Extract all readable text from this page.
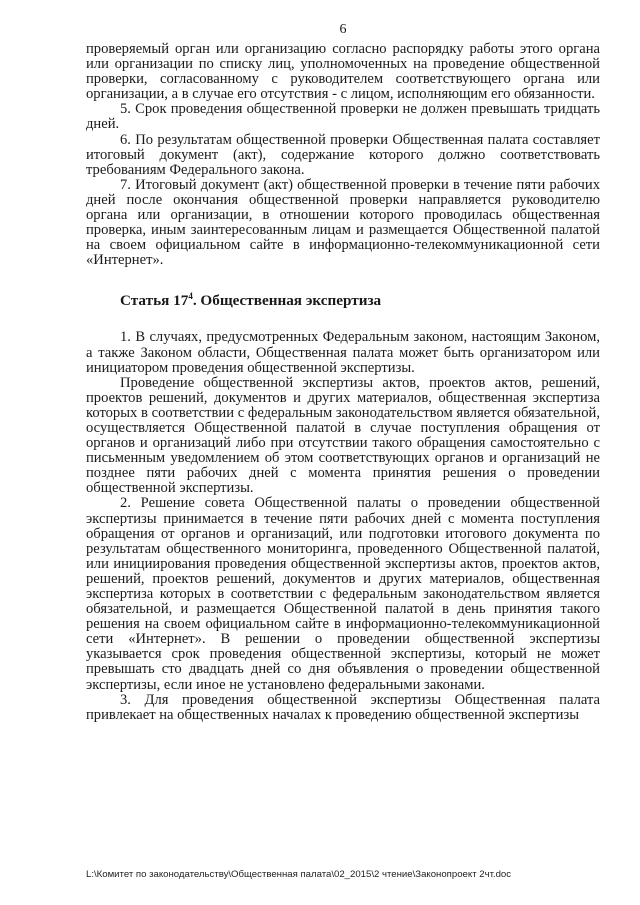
6

проверяемый орган или организацию согласно распорядку работы этого органа или организации по списку лиц, уполномоченных на проведение общественной проверки, согласованному с руководителем соответствующего органа или организации, а в случае его отсутствия - с лицом, исполняющим его обязанности.

5. Срок проведения общественной проверки не должен превышать тридцать дней.

6. По результатам общественной проверки Общественная палата составляет итоговый документ (акт), содержание которого должно соответствовать требованиям Федерального закона.

7. Итоговый документ (акт) общественной проверки в течение пяти рабочих дней после окончания общественной проверки направляется руководителю органа или организации, в отношении которого проводилась общественная проверка, иным заинтересованным лицам и размещается Общественной палатой на своем официальном сайте в информационно-телекоммуникационной сети «Интернет».

Статья $17^4$. Общественная экспертиза

1. В случаях, предусмотренных Федеральным законом, настоящим Законом, а также Законом области, Общественная палата может быть организатором или инициатором проведения общественной экспертизы.

Проведение общественной экспертизы актов, проектов актов, решений, проектов решений, документов и других материалов, общественная экспертиза которых в соответствии с федеральным законодательством является обязательной, осуществляется Общественной палатой в случае поступления обращения от органов и организаций либо при отсутствии такого обращения самостоятельно с письменным уведомлением об этом соответствующих органов и организаций не позднее пяти рабочих дней с момента принятия решения о проведении общественной экспертизы.

2. Решение совета Общественной палаты о проведении общественной экспертизы принимается в течение пяти рабочих дней с момента поступления обращения от органов и организаций, или подготовки итогового документа по результатам общественного мониторинга, проведенного Общественной палатой, или инициирования проведения общественной экспертизы актов, проектов актов, решений, проектов решений, документов и других материалов, общественная экспертиза которых в соответствии с федеральным законодательством является обязательной, и размещается Общественной палатой в день принятия такого решения на своем официальном сайте в информационно-телекоммуникационной сети «Интернет». В решении о проведении общественной экспертизы указывается срок проведения общественной экспертизы, который не может превышать сто двадцать дней со дня объявления о проведении общественной экспертизы, если иное не установлено федеральными законами.

3. Для проведения общественной экспертизы Общественная палата привлекает на общественных началах к проведению общественной экспертизы

L:\Комитет по законодательству\Общественная палата\02_2015\2 чтение\Законопроект 2чт.doc
